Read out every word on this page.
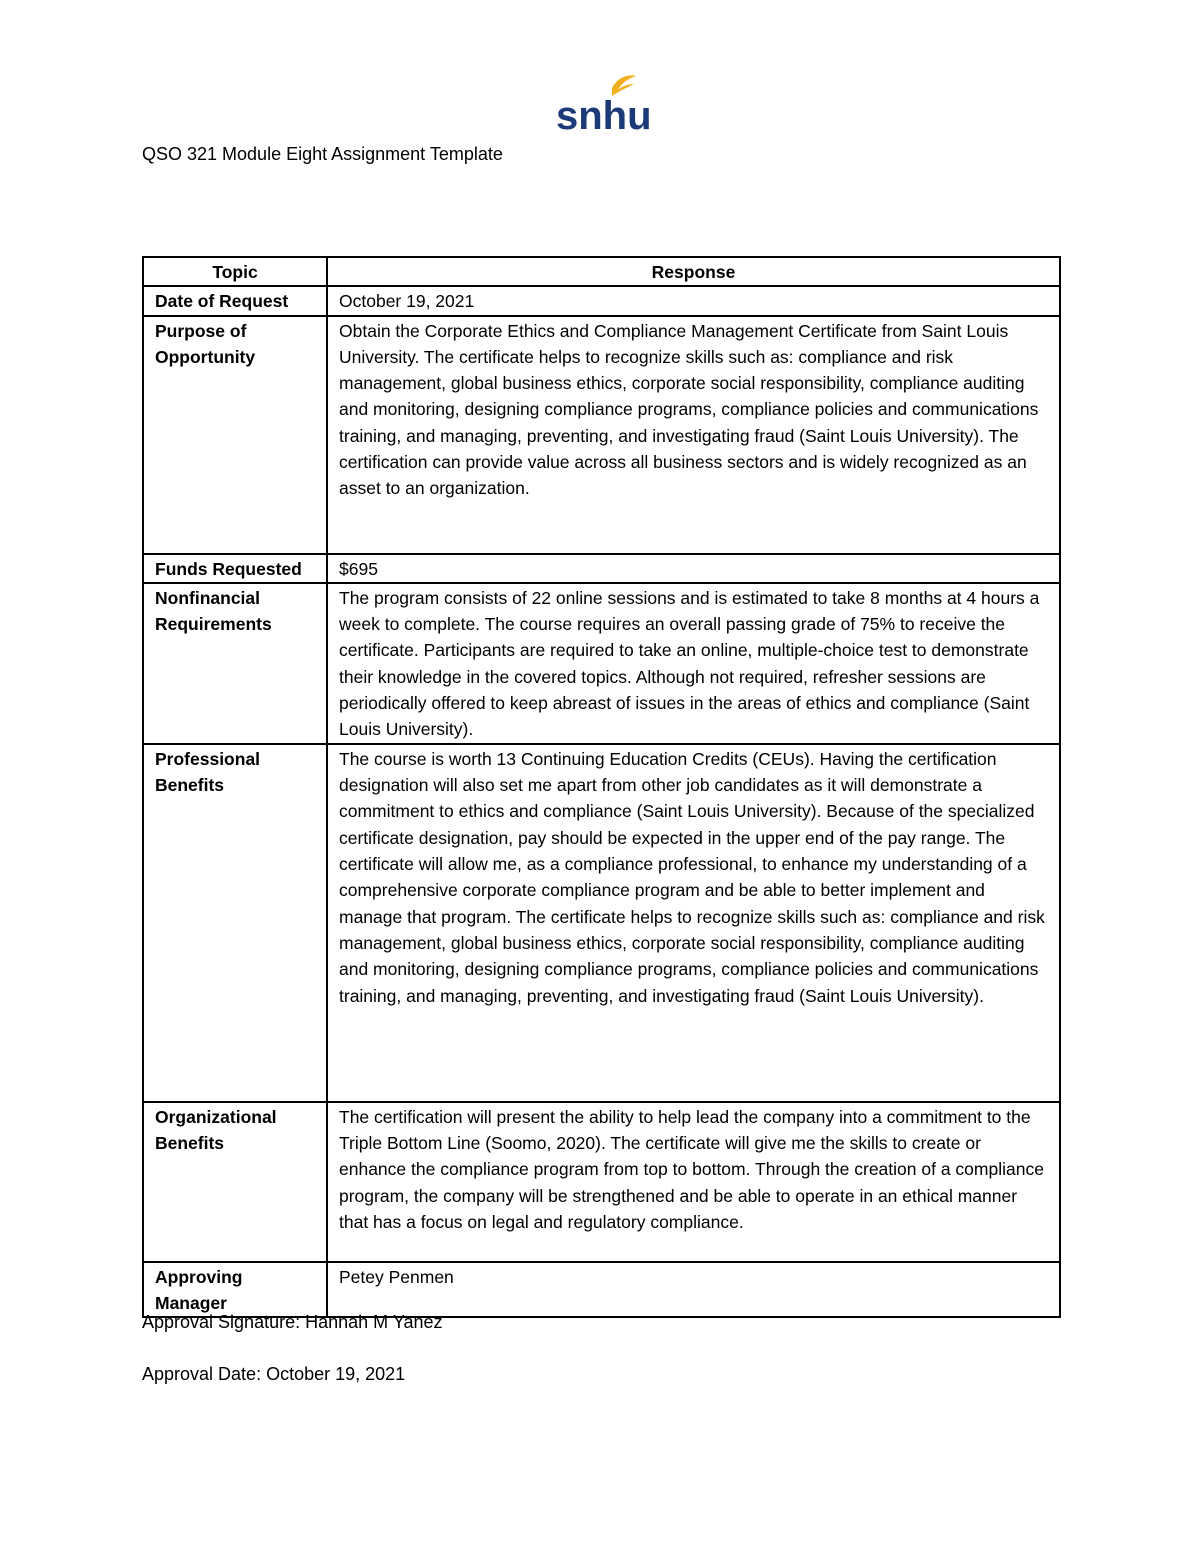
snhu
QSO 321 Module Eight Assignment Template
Topic	Response
Date of Request	October 19, 2021
Purpose of Opportunity	Obtain the Corporate Ethics and Compliance Management Certificate from Saint Louis University. The certificate helps to recognize skills such as: compliance and risk management, global business ethics, corporate social responsibility, compliance auditing and monitoring, designing compliance programs, compliance policies and communications training, and managing, preventing, and investigating fraud (Saint Louis University). The certification can provide value across all business sectors and is widely recognized as an asset to an organization.
Funds Requested	$695
Nonfinancial Requirements	The program consists of 22 online sessions and is estimated to take 8 months at 4 hours a week to complete. The course requires an overall passing grade of 75% to receive the certificate. Participants are required to take an online, multiple-choice test to demonstrate their knowledge in the covered topics. Although not required, refresher sessions are periodically offered to keep abreast of issues in the areas of ethics and compliance (Saint Louis University).
Professional Benefits	The course is worth 13 Continuing Education Credits (CEUs). Having the certification designation will also set me apart from other job candidates as it will demonstrate a commitment to ethics and compliance (Saint Louis University). Because of the specialized certificate designation, pay should be expected in the upper end of the pay range. The certificate will allow me, as a compliance professional, to enhance my understanding of a comprehensive corporate compliance program and be able to better implement and manage that program. The certificate helps to recognize skills such as: compliance and risk management, global business ethics, corporate social responsibility, compliance auditing and monitoring, designing compliance programs, compliance policies and communications training, and managing, preventing, and investigating fraud (Saint Louis University).
Organizational Benefits	The certification will present the ability to help lead the company into a commitment to the Triple Bottom Line (Soomo, 2020). The certificate will give me the skills to create or enhance the compliance program from top to bottom. Through the creation of a compliance program, the company will be strengthened and be able to operate in an ethical manner that has a focus on legal and regulatory compliance.
Approving Manager	Petey Penmen
Approval Signature: Hannah M Yanez
Approval Date: October 19, 2021
